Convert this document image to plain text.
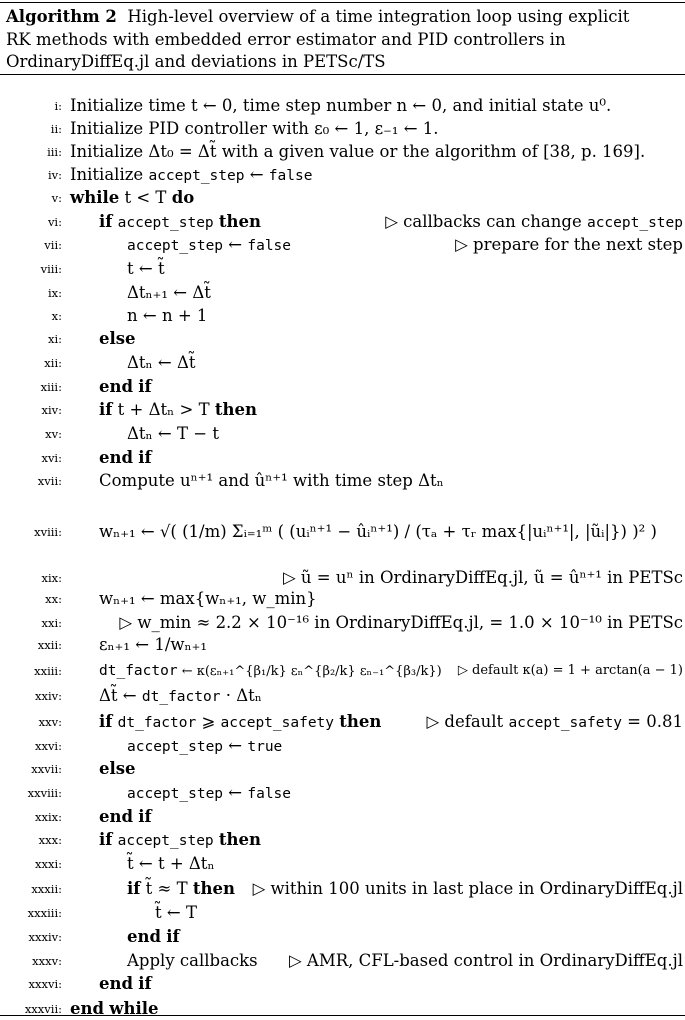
Algorithm 2 High-level overview of a time integration loop using explicit
RK methods with embedded error estimator and PID controllers in
OrdinaryDiffEq.jl and deviations in PETSc/TS
i: Initialize time t ← 0, time step number n ← 0, and initial state u⁰.
ii: Initialize PID controller with ε₀ ← 1, ε₋₁ ← 1.
iii: Initialize Δt₀ = Δt̃ with a given value or the algorithm of [38, p. 169].
iv: Initialize accept_step ← false
v: while t < T do
vi: if accept_step then	▷ callbacks can change accept_step
vii:	accept_step ← false	▷ prepare for the next step
viii:	t ← t̃
ix:	Δtₙ₊₁ ← Δt̃
x:	n ← n + 1
xi: else
xii:	Δtₙ ← Δt̃
xiii: end if
xiv: if t + Δtₙ > T then
xv:	Δtₙ ← T − t
xvi: end if
xvii: Compute uⁿ⁺¹ and ûⁿ⁺¹ with time step Δtₙ
xviii: wₙ₊₁ ← √( (1/m) Σᵢ₌₁ᵐ ( (uᵢⁿ⁺¹ − ûᵢⁿ⁺¹) / (τₐ + τᵣ max{|uᵢⁿ⁺¹|, |ũᵢ|}) )² )
xix:	▷ ũ = uⁿ in OrdinaryDiffEq.jl, ũ = ûⁿ⁺¹ in PETSc
xx: wₙ₊₁ ← max{wₙ₊₁, w_min}
xxi:	▷ w_min ≈ 2.2 × 10⁻¹⁶ in OrdinaryDiffEq.jl, = 1.0 × 10⁻¹⁰ in PETSc
xxii: εₙ₊₁ ← 1/wₙ₊₁
xxiii:	dt_factor ← κ(εₙ₊₁^{β₁/k} εₙ^{β₂/k} εₙ₋₁^{β₃/k}) ▷ default κ(a) = 1 + arctan(a − 1)
xxiv: Δt̃ ← dt_factor · Δtₙ
xxv: if dt_factor ⩾ accept_safety then	▷ default accept_safety = 0.81
xxvi:	accept_step ← true
xxvii: else
xxviii:	accept_step ← false
xxix: end if
xxx: if accept_step then
xxxi:	t̃ ← t + Δtₙ
xxxii:	if t̃ ≈ T then ▷ within 100 units in last place in OrdinaryDiffEq.jl
xxxiii:	t̃ ← T
xxxiv:	end if
xxxv:	Apply callbacks ▷ AMR, CFL-based control in OrdinaryDiffEq.jl
xxxvi: end if
xxxvii: end while
